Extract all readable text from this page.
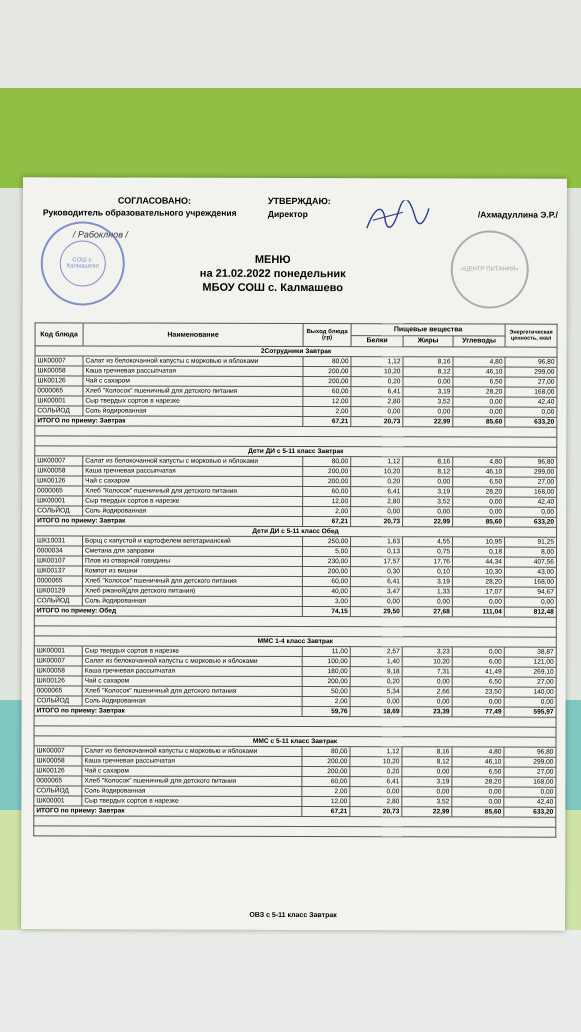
СОГЛАСОВАНО:
Руководитель образовательного учреждения
/ Рабоклнов /
УТВЕРЖДАЮ:
Директор	/Ахмадуллина Э.Р./
СОШ с. Калмашево	«ЦЕНТР ПИТАНИЯ»
МЕНЮ
на 21.02.2022 понедельник
МБОУ СОШ с. Калмашево
Код блюда	Наименование	Выход блюда (гр)	Пищевые вещества			Энергетическая ценность, ккал
			Белки	Жиры	Углеводы	
2Сотрудники Завтрак						
ШК00007	Салат из белокочанной капусты с морковью и яблоками	80,00	1,12	8,16	4,80	96,80
ШК00058	Каша гречневая рассыпчатая	200,00	10,20	8,12	46,10	299,00
ШК00126	Чай с сахаром	200,00	0,20	0,00	6,50	27,00
0000065	Хлеб "Колосок" пшеничный для детского питания	60,00	6,41	3,19	28,20	168,00
ШК00001	Сыр твердых сортов в нарезке	12,00	2,80	3,52	0,00	42,40
СОЛЬЙОД	Соль йодированная	2,00	0,00	0,00	0,00	0,00
ИТОГО по приему: Завтрак		67,21	20,73	22,99	85,60	633,20

Дети ДИ с 5-11 класс Завтрак						
ШК00007	Салат из белокочанной капусты с морковью и яблоками	80,00	1,12	8,16	4,80	96,80
ШК00058	Каша гречневая рассыпчатая	200,00	10,20	8,12	46,10	299,00
ШК00126	Чай с сахаром	200,00	0,20	0,00	6,50	27,00
0000065	Хлеб "Колосок" пшеничный для детского питания	60,00	6,41	3,19	28,20	168,00
ШК00001	Сыр твердых сортов в нарезке	12,00	2,80	3,52	0,00	42,40
СОЛЬЙОД	Соль йодированная	2,00	0,00	0,00	0,00	0,00
ИТОГО по приему: Завтрак		67,21	20,73	22,99	85,60	633,20
Дети ДИ с 5-11 класс Обед						
ШК10031	Борщ с капустой и картофелем вегетарианский	250,00	1,63	4,55	10,95	91,25
0000034	Сметана для заправки	5,00	0,13	0,75	0,18	8,00
ШК00107	Плов из отварной говядины	230,00	17,57	17,76	44,34	407,56
ШК00137	Компот из вишни	200,00	0,30	0,10	10,30	43,00
0000065	Хлеб "Колосок" пшеничный для детского питания	60,00	6,41	3,19	28,20	168,00
ШК00129	Хлеб ржаной(для детского питания)	40,00	3,47	1,33	17,07	94,67
СОЛЬЙОД	Соль йодированная	3,00	0,00	0,00	0,00	0,00
ИТОГО по приему: Обед		74,15	29,50	27,68	111,04	812,48

ММС 1-4 класс Завтрак						
ШК00001	Сыр твердых сортов в нарезке	11,00	2,57	3,23	0,00	38,87
ШК00007	Салат из белокочанной капусты с морковью и яблоками	100,00	1,40	10,20	6,00	121,00
ШК00058	Каша гречневая рассыпчатая	180,00	9,18	7,31	41,49	269,10
ШК00126	Чай с сахаром	200,00	0,20	0,00	6,50	27,00
0000065	Хлеб "Колосок" пшеничный для детского питания	50,00	5,34	2,66	23,50	140,00
СОЛЬЙОД	Соль йодированная	2,00	0,00	0,00	0,00	0,00
ИТОГО по приему: Завтрак		59,76	18,69	23,39	77,49	595,97

ММС с 5-11 класс Завтрак						
ШК00007	Салат из белокочанной капусты с морковью и яблоками	80,00	1,12	8,16	4,80	96,80
ШК00058	Каша гречневая рассыпчатая	200,00	10,20	8,12	46,10	299,00
ШК00126	Чай с сахаром	200,00	0,20	0,00	6,50	27,00
0000065	Хлеб "Колосок" пшеничный для детского питания	60,00	6,41	3,19	28,20	168,00
СОЛЬЙОД	Соль йодированная	2,00	0,00	0,00	0,00	0,00
ШК00001	Сыр твердых сортов в нарезке	12,00	2,80	3,52	0,00	42,40
ИТОГО по приему: Завтрак		67,21	20,73	22,99	85,60	633,20

ОВЗ с 5-11 класс Завтрак
